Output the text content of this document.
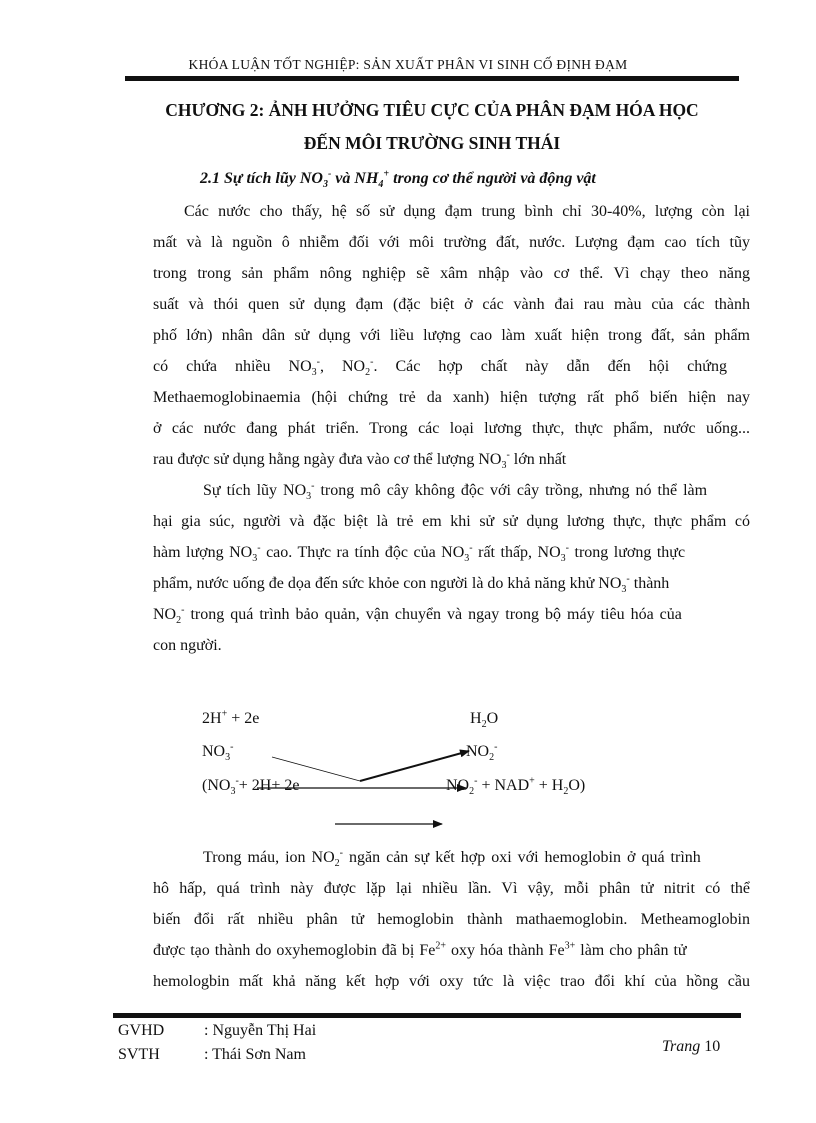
KHÓA LUẬN TỐT NGHIỆP: SẢN XUẤT PHÂN VI SINH CỐ ĐỊNH ĐẠM
CHƯƠNG 2: ẢNH HƯỞNG TIÊU CỰC CỦA PHÂN ĐẠM HÓA HỌC
ĐẾN MÔI TRƯỜNG SINH THÁI
2.1 Sự tích lũy $NO_3^-$ và $NH_4^+$ trong cơ thể người và động vật
Các nước cho thấy, hệ số sử dụng đạm trung bình chỉ 30-40%, lượng còn lại
mất và là nguồn ô nhiễm đối với môi trường đất, nước. Lượng đạm cao tích tũy
trong trong sản phẩm nông nghiệp sẽ xâm nhập vào cơ thể. Vì chạy theo năng
suất và thói quen sử dụng đạm (đặc biệt ở các vành đai rau màu của các thành
phố lớn) nhân dân sử dụng với liều lượng cao làm xuất hiện trong đất, sản phẩm
có chứa nhiều $NO_3^-$, $NO_2^-$. Các hợp chất này dẫn đến hội chứng
Methaemoglobinaemia (hội chứng trẻ da xanh) hiện tượng rất phổ biến hiện nay
ở các nước đang phát triển. Trong các loại lương thực, thực phẩm, nước uống...
rau được sử dụng hằng ngày đưa vào cơ thể lượng $NO_3^-$ lớn nhất
Sự tích lũy $NO_3^-$ trong mô cây không độc với cây trồng, nhưng nó thể làm
hại gia súc, người và đặc biệt là trẻ em khi sử sử dụng lương thực, thực phẩm có
hàm lượng $NO_3^-$ cao. Thực ra tính độc của $NO_3^-$ rất thấp, $NO_3^-$ trong lương thực
phẩm, nước uống đe dọa đến sức khỏe con người là do khả năng khử $NO_3^-$ thành
$NO_2^-$ trong quá trình bảo quản, vận chuyển và ngay trong bộ máy tiêu hóa của
con người.
2H+ + 2e	$H_2O$
$NO_3^-$	$NO_2^-$
($NO_3^-+ 2H+ 2e$	$NO_2^- + NAD^+ + H_2O$)
Trong máu, ion $NO_2^-$ ngăn cản sự kết hợp oxi với hemoglobin ở quá trình
hô hấp, quá trình này được lặp lại nhiều lần. Vì vậy, mỗi phân tử nitrit có thể
biến đổi rất nhiều phân tử hemoglobin thành mathaemoglobin. Metheamoglobin
được tạo thành do oxyhemoglobin đã bị $Fe^{2+}$ oxy hóa thành $Fe^{3+}$ làm cho phân tử
hemologbin mất khả năng kết hợp với oxy tức là việc trao đổi khí của hồng cầu
GVHD : Nguyễn Thị Hai
SVTH	: Thái Sơn Nam	Trang 10
